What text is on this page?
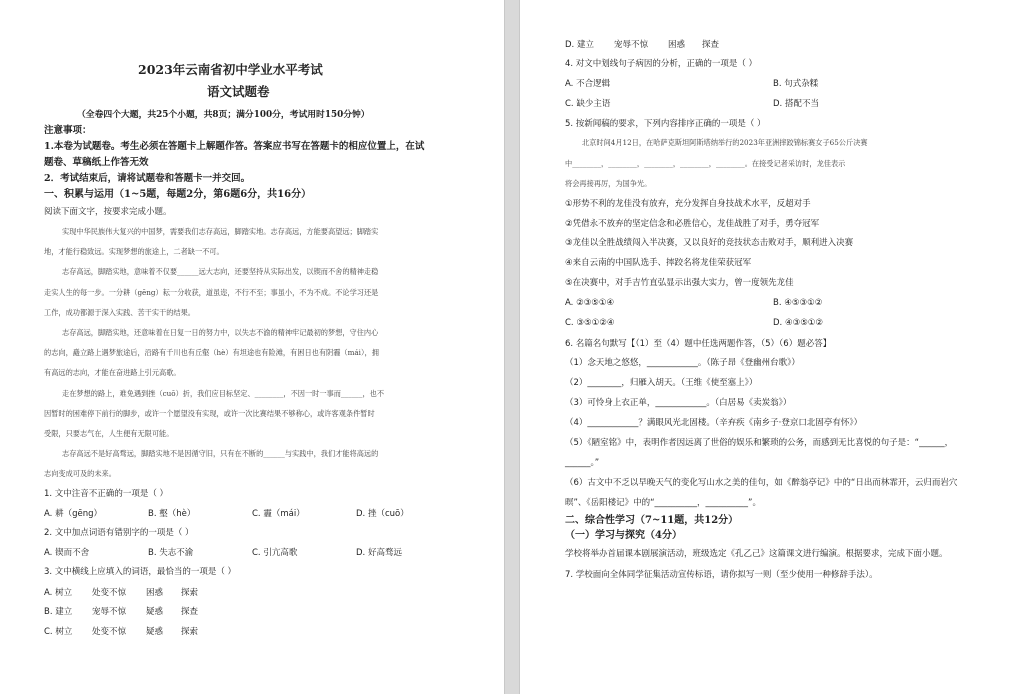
2023年云南省初中学业水平考试
语文试题卷
（全卷四个大题，共25个小题，共8页；满分100分，考试用时150分钟）
注意事项：
1.本卷为试题卷。考生必须在答题卡上解题作答。答案应书写在答题卡的相应位置上，在试
题卷、草稿纸上作答无效
2．考试结束后，请将试题卷和答题卡一并交回。
一、积累与运用（1~5题，每题2分，第6题6分，共16分）
阅读下面文字，按要求完成小题。
实现中华民族伟大复兴的中国梦，需要我们志存高远，脚踏实地。志存高远，方能要高望远；脚踏实
地，才能行稳致远。实现梦想的旅途上，二者缺一不可。
志存高远，脚踏实地，意味着不仅要______远大志向，还要坚持从实际出发，以锲而不舍的精神走稳
走实人生的每一步。一分耕（gēng）耘一分收获，道虽迩，不行不至；事虽小，不为不成。不论学习还是
工作，成功都源于深入实践、苦干实干的结果。
志存高远，脚踏实地，还意味着在日复一日的努力中，以失志不渝的精神牢记最初的梦想，守住内心
的志向，矗立路上遇梦旅途后，沿路有千川也有丘壑（hè）有坦途也有险滩，有困日也有阴霾（mái），拥
有高远的志向，才能在奋进路上引元高歌。
走在梦想的路上，难免遇到挫（cuō）折，我们应目标坚定、________，不因一时一事而______，也不
因暂时的困难停下前行的脚步，或许一个愿望没有实现，或许一次比赛结果不够称心，或许客观条件暂时
受限，只要志气在，人生便有无限可能。
志存高远不是好高骛远，脚踏实地不是因循守旧，只有在不断的______与实践中，我们才能将高远的
志向变成可及的未来。
1. 文中注音不正确的一项是（ ）
A. 耕（gēng）	B. 壑（hè）	C. 霾（mái）	D. 挫（cuō）
2. 文中加点词语有错别字的一项是（ ）
A. 锲而不舍	B. 失志不渝	C. 引亢高歌	D. 好高骛远
3. 文中横线上应填入的词语，最恰当的一项是（ ）
A. 树立 处变不惊 困惑 探索
B. 建立 宠辱不惊 疑惑 探查
C. 树立 处变不惊 疑惑 探索
D. 建立 宠辱不惊 困惑 探查
4. 对文中划线句子病因的分析，正确的一项是（ ）
A. 不合逻辑	B. 句式杂糅
C. 缺少主语	D. 搭配不当
5. 按新闻稿的要求，下列内容排序正确的一项是（ ）
北京时间4月12日，在哈萨克斯坦阿斯塔纳举行的2023年亚洲摔跤锦标赛女子65公斤决赛
中________，________，________，________，________。在接受记者采访时，龙佳表示
将会再接再厉，为国争光。
①形势不利的龙佳没有放弃，充分发挥自身技战术水平，反超对手
②凭借永不放弃的坚定信念和必胜信心，龙佳战胜了对手，勇夺冠军
③龙佳以全胜战绩闯入半决赛，又以良好的竞技状态击败对手，顺利进入决赛
④来自云南的中国队选手、摔跤名将龙佳荣获冠军
⑤在决赛中，对手吉竹直弘显示出强大实力，曾一度领先龙佳
A. ②③⑤①④	B. ④⑤③①②
C. ③⑤①②④	D. ④③⑤①②
6. 名篇名句默写【（1）至（4）题中任选两题作答，（5）（6）题必答】
（1）念天地之悠悠，____________。（陈子昂《登幽州台歌》）
（2）________，归雁入胡天。（王维《使至塞上》）
（3）可怜身上衣正单，____________。（白居易《卖炭翁》）
（4）____________？满眼风光北固楼。（辛弃疾《南乡子·登京口北固亭有怀》）
（5）《陋室铭》中，表明作者因远离了世俗的娱乐和繁琐的公务，而感到无比喜悦的句子是：“______，
______。”
（6）古文中不乏以早晚天气的变化写山水之美的佳句，如《醉翁亭记》中的“日出而林霏开，云归而岩穴
暝”、《岳阳楼记》中的“__________，__________”。
二、综合性学习（7~11题，共12分）
（一）学习与探究（4分）
学校将举办首届课本剧展演活动，班级选定《孔乙己》这篇课文进行编演。根据要求，完成下面小题。
7. 学校面向全体同学征集活动宣传标语，请你拟写一则（至少使用一种修辞手法）。
